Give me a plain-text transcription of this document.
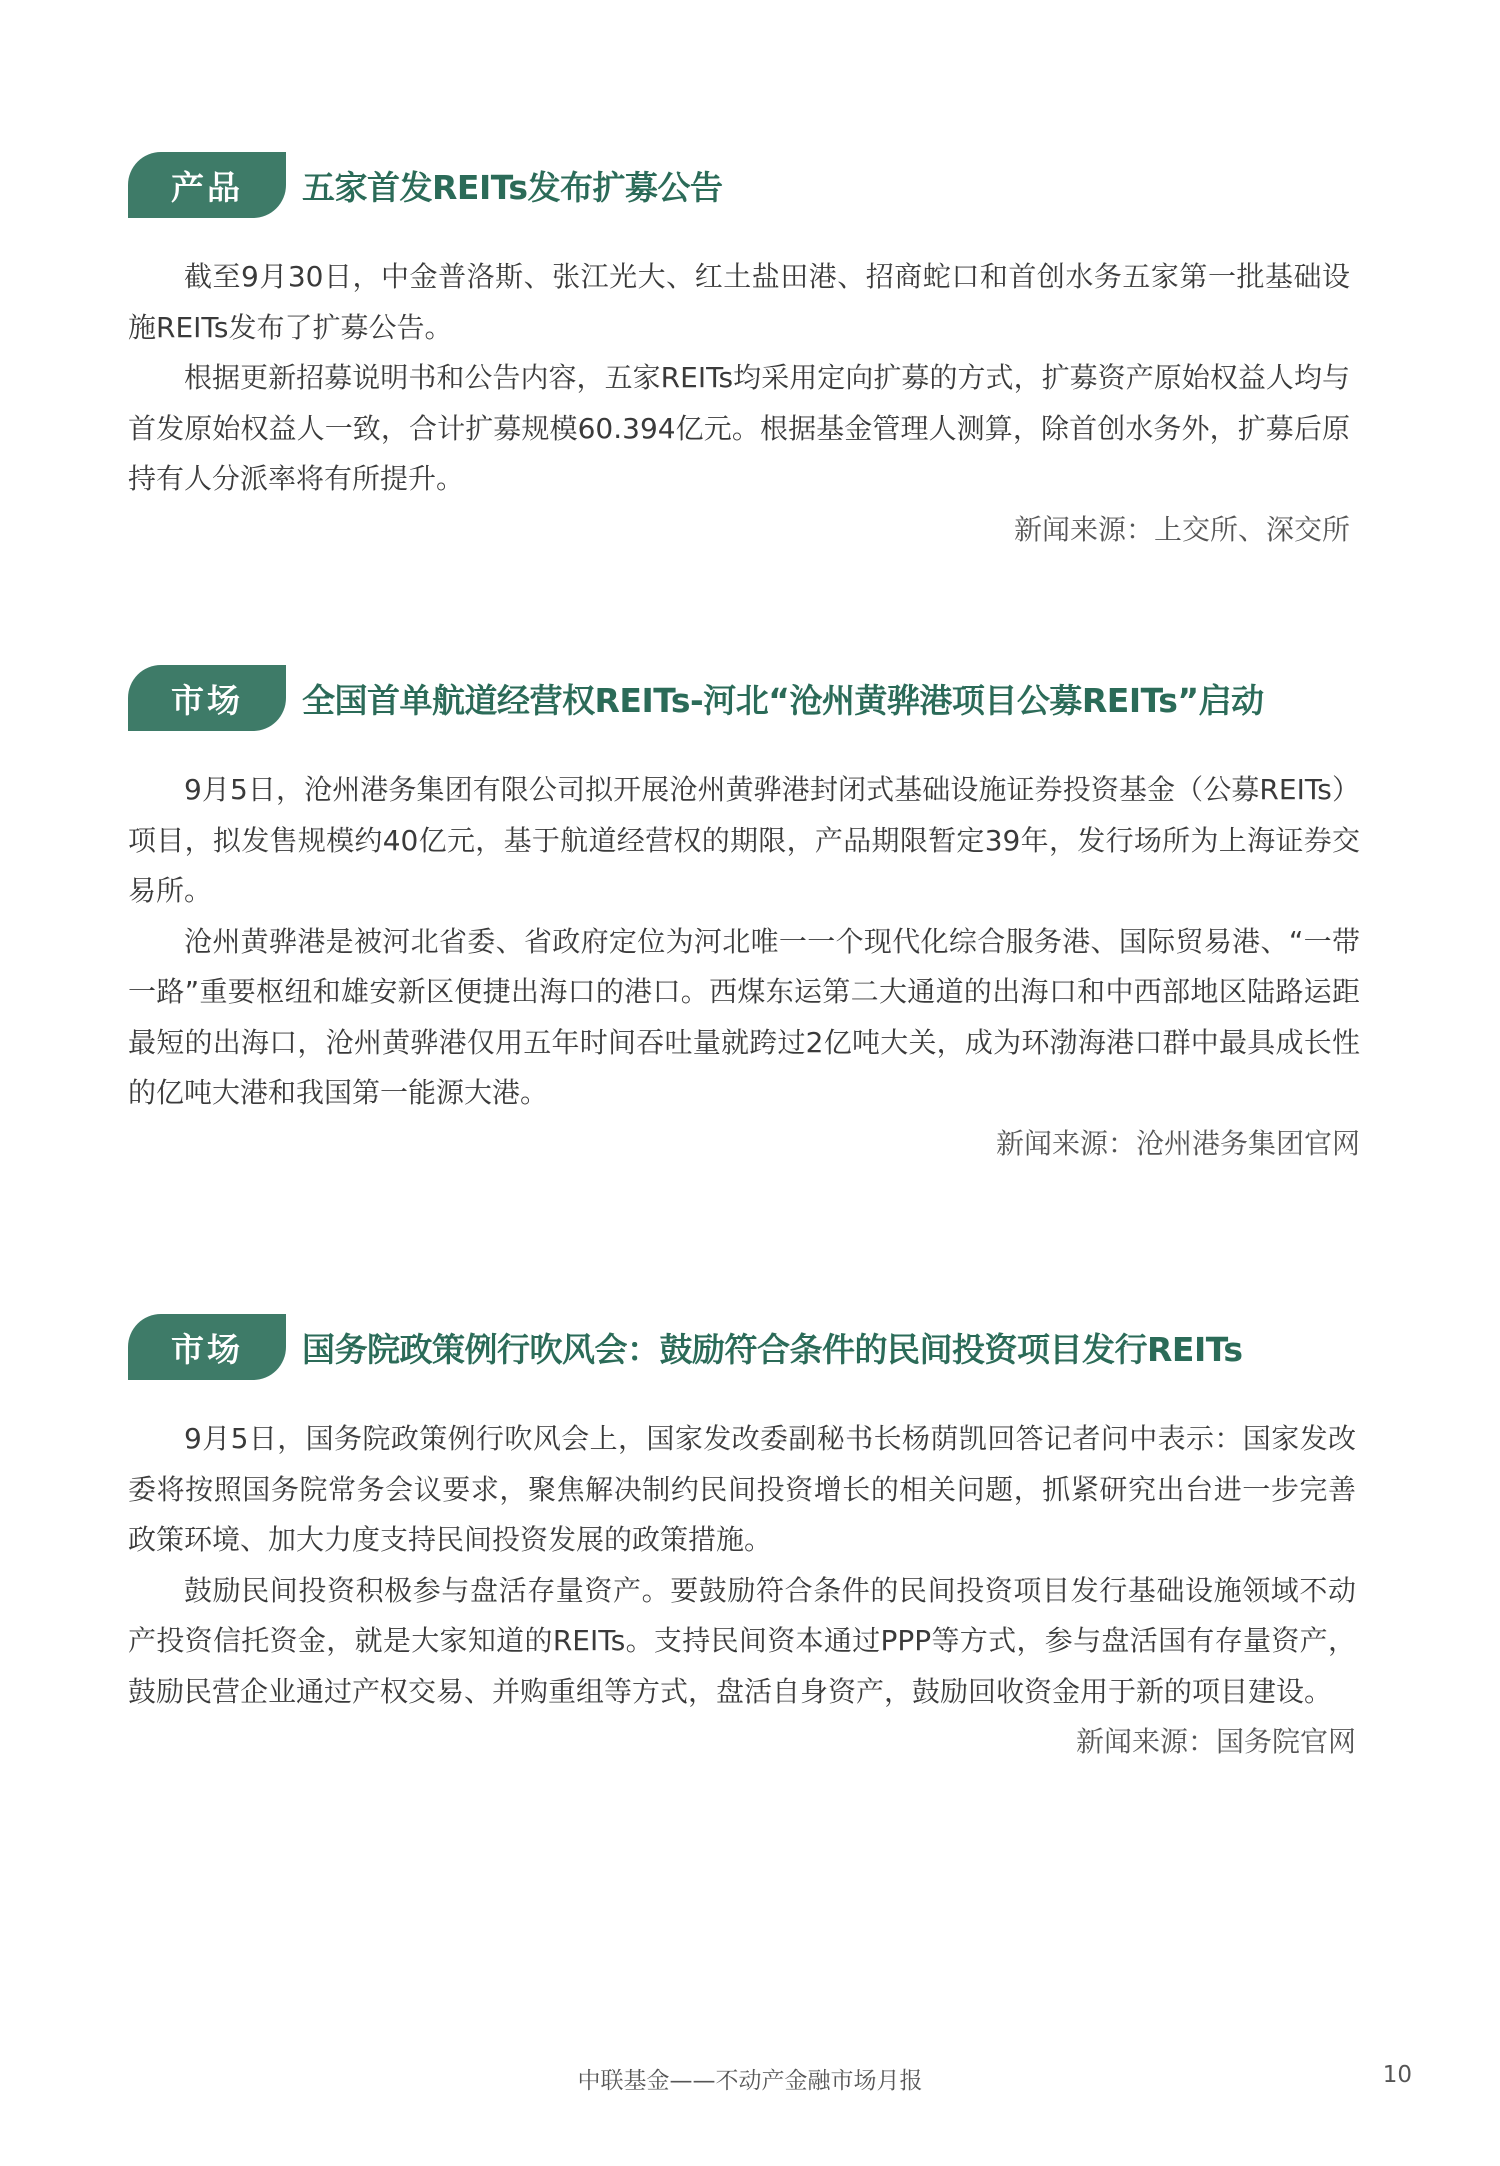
产品	五家首发REITs发布扩募公告

截至9月30日，中金普洛斯、张江光大、红土盐田港、招商蛇口和首创水务五家第一批基础设施REITs发布了扩募公告。

根据更新招募说明书和公告内容，五家REITs均采用定向扩募的方式，扩募资产原始权益人均与首发原始权益人一致，合计扩募规模60.394亿元。根据基金管理人测算，除首创水务外，扩募后原持有人分派率将有所提升。

新闻来源：上交所、深交所

市场	全国首单航道经营权REITs-河北“沧州黄骅港项目公募REITs”启动

9月5日，沧州港务集团有限公司拟开展沧州黄骅港封闭式基础设施证券投资基金（公募REITs）项目，拟发售规模约40亿元，基于航道经营权的期限，产品期限暂定39年，发行场所为上海证券交易所。

沧州黄骅港是被河北省委、省政府定位为河北唯一一个现代化综合服务港、国际贸易港、“一带一路”重要枢纽和雄安新区便捷出海口的港口。西煤东运第二大通道的出海口和中西部地区陆路运距最短的出海口，沧州黄骅港仅用五年时间吞吐量就跨过2亿吨大关，成为环渤海港口群中最具成长性的亿吨大港和我国第一能源大港。

新闻来源：沧州港务集团官网

市场	国务院政策例行吹风会：鼓励符合条件的民间投资项目发行REITs

9月5日，国务院政策例行吹风会上，国家发改委副秘书长杨荫凯回答记者问中表示：国家发改委将按照国务院常务会议要求，聚焦解决制约民间投资增长的相关问题，抓紧研究出台进一步完善政策环境、加大力度支持民间投资发展的政策措施。

鼓励民间投资积极参与盘活存量资产。要鼓励符合条件的民间投资项目发行基础设施领域不动产投资信托资金，就是大家知道的REITs。支持民间资本通过PPP等方式，参与盘活国有存量资产，鼓励民营企业通过产权交易、并购重组等方式，盘活自身资产，鼓励回收资金用于新的项目建设。

新闻来源：国务院官网

中联基金——不动产金融市场月报	10
